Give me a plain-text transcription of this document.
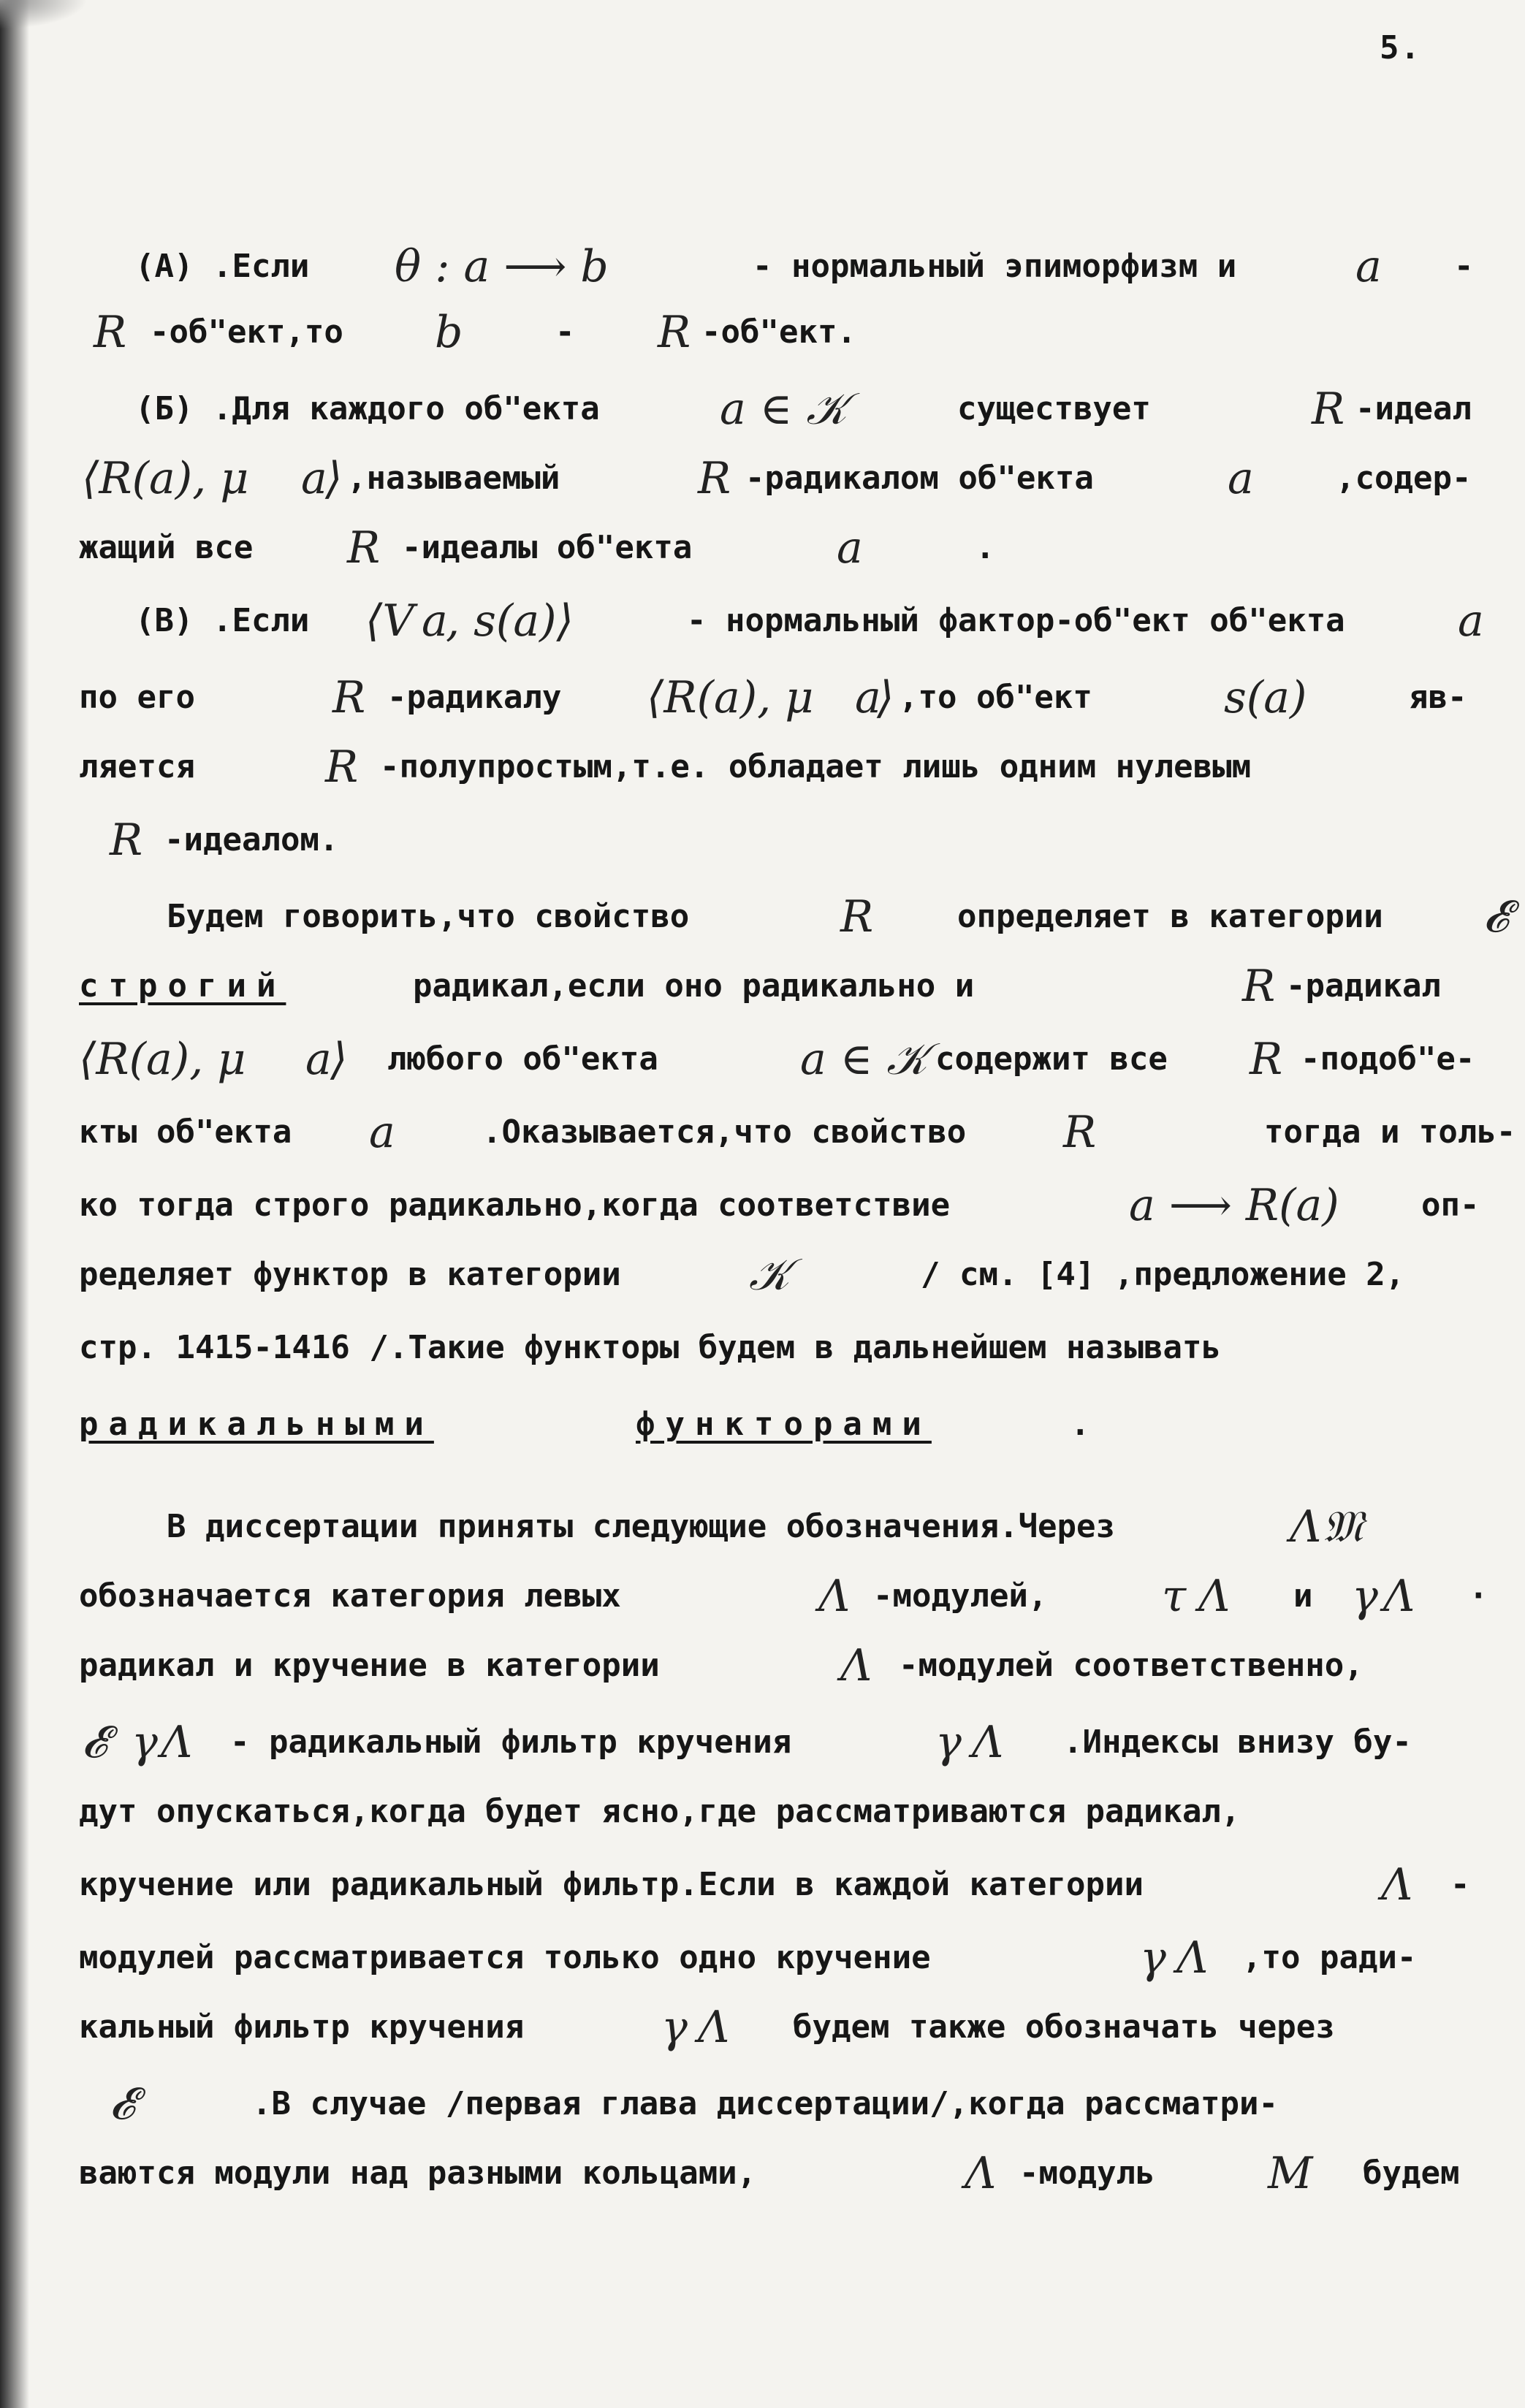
5.
(А) .Если θ : a ⟶ b	- нормальный эпиморфизм и	a -
R -об"ект,то b	- R -об"ект.
(Б) .Для каждого об"екта	a ∈ 𝒦	существует	R -идеал
⟨R(a), μ a
⟩ ,называемый	R -радикалом об"екта	a	,содер-
жащий все R -идеалы об"екта	a	.
(В) .Если ⟨V a
, s(a)⟩	- нормальный фактор-об"ект об"екта	a
по его	R -радикалу ⟨R(a), μ a
⟩ ,то об"ект	s(a)	яв-
ляется	R -полупростым,т.е. обладает лишь одним нулевым
R -идеалом.
Будем говорить,что свойство	R	определяет в категории 𝓔
строгий	радикал,если оно радикально и	R -радикал
⟨R(a), μ a
⟩ любого об"екта	a ∈ 𝒦 содержит все R -подоб"е-
кты об"екта a	.Оказывается,что свойство R	тогда и толь-
ко тогда строго радикально,когда соответствие	a ⟶ R(a)	оп-
ределяет функтор в категории	𝒦	/ см. [4] ,предложение 2,
стр. 1415-1416 /.Такие функторы будем в дальнейшем называть
радикальными	функторами	.
В диссертации приняты следующие обозначения.Через	Λ 𝔐
обозначается категория левых	Λ -модулей,	τ Λ и γ Λ ·
радикал и кручение в категории	Λ -модулей соответственно,
𝓔 γ Λ - радикальный фильтр кручения	γ Λ .Индексы внизу бу-
дут опускаться,когда будет ясно,где рассматриваются радикал,
кручение или радикальный фильтр.Если в каждой категории	Λ -
модулей рассматривается только одно кручение	γ Λ ,то ради-
кальный фильтр кручения	γ Λ будем также обозначать через
𝓔	.В случае /первая глава диссертации/,когда рассматри-
ваются модули над разными кольцами,	Λ -модуль	M будем
